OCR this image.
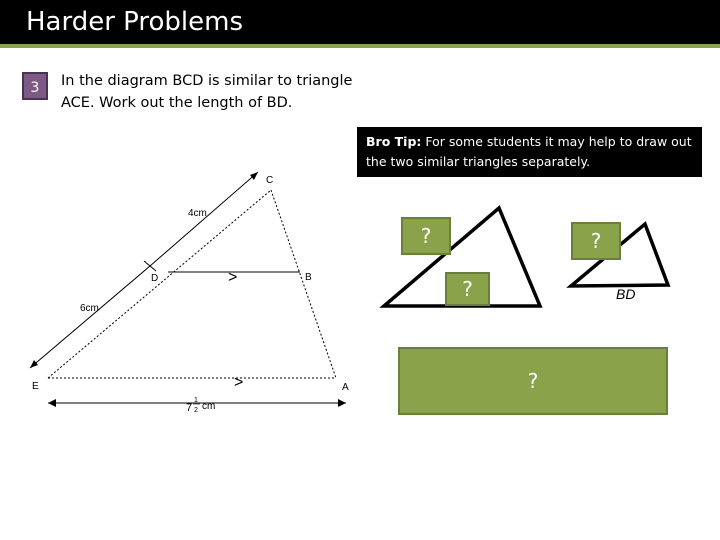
Harder Problems
3	In the diagram BCD is similar to triangle ACE. Work out the length of BD.
Bro Tip: For some students it may help to draw out the two similar triangles separately.
>
>
C
D	B
E	A
4cm
6cm
7
1
2 cm
BD
?	?
?
?
